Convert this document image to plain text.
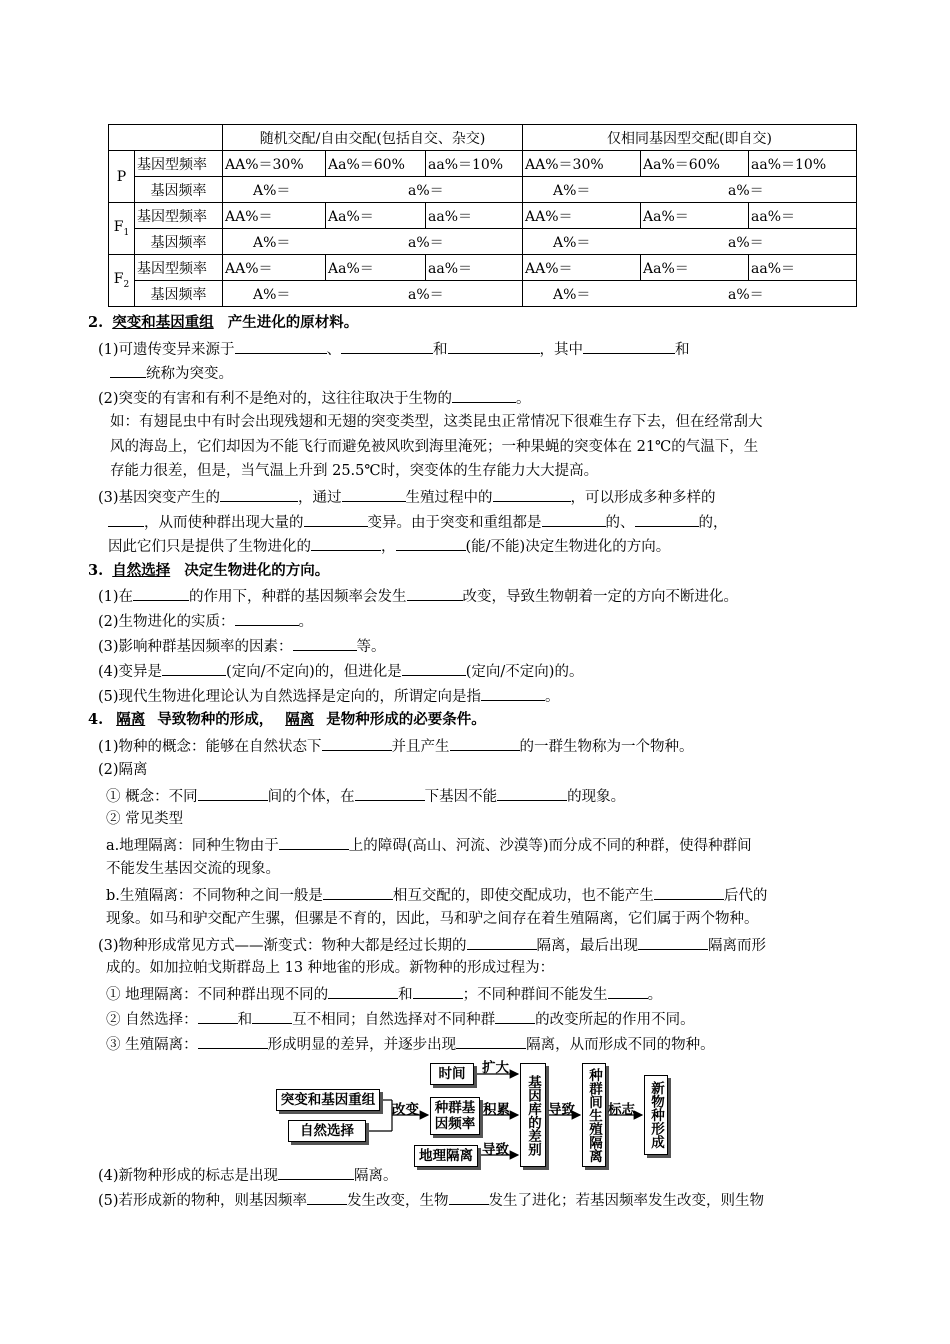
		随机交配/自由交配(包括自交、杂交)			仅相同基因型交配(即自交)		
P	基因型频率	AA%＝30%	Aa%＝60%	aa%＝10%	AA%＝30%	Aa%＝60%	aa%＝10%
	基因频率	A%＝ a%＝			A%＝ a%＝		

$F_1$	基因型频率	AA%＝	Aa%＝	aa%＝	AA%＝	Aa%＝	aa%＝
	基因频率	A%＝ a%＝			A%＝ a%＝		

$F_2$	基因型频率	AA%＝	Aa%＝	aa%＝	AA%＝	Aa%＝	aa%＝
	基因频率	A%＝ a%＝			A%＝ a%＝		
2. 突变和基因重组 产生进化的原材料。
(1)可遗传变异来源于	、	和	，其中	和
统称为突变。
(2)突变的有害和有利不是绝对的，这往往取决于生物的	。
如：有翅昆虫中有时会出现残翅和无翅的突变类型，这类昆虫正常情况下很难生存下去，但在经常刮大
风的海岛上，它们却因为不能飞行而避免被风吹到海里淹死；一种果蝇的突变体在 21℃的气温下，生
存能力很差，但是，当气温上升到 25.5℃时，突变体的生存能力大大提高。
(3)基因突变产生的	，通过	生殖过程中的	，可以形成多种多样的
，从而使种群出现大量的	变异。由于突变和重组都是	的、	的，
因此它们只是提供了生物进化的	，	(能/不能)决定生物进化的方向。
3. 自然选择 决定生物进化的方向。
(1)在	的作用下，种群的基因频率会发生	改变，导致生物朝着一定的方向不断进化。
(2)生物进化的实质：	。
(3)影响种群基因频率的因素：	等。
(4)变异是	(定向/不定向)的，但进化是	(定向/不定向)的。
(5)现代生物进化理论认为自然选择是定向的，所谓定向是指	。
4. 隔离 导致物种的形成， 隔离 是物种形成的必要条件。
(1)物种的概念：能够在自然状态下	并且产生	的一群生物称为一个物种。
(2)隔离
① 概念：不同	间的个体，在	下基因不能	的现象。
② 常见类型
a.地理隔离：同种生物由于	上的障碍(高山、河流、沙漠等)而分成不同的种群，使得种群间
不能发生基因交流的现象。
b.生殖隔离：不同物种之间一般是	相互交配的，即使交配成功，也不能产生	后代的
现象。如马和驴交配产生骡，但骡是不育的，因此，马和驴之间存在着生殖隔离，它们属于两个物种。
(3)物种形成常见方式——渐变式：物种大都是经过长期的	隔离，最后出现	隔离而形
成的。如加拉帕戈斯群岛上 13 种地雀的形成。新物种的形成过程为：
① 地理隔离：不同种群出现不同的	和	；不同种群间不能发生	。
② 自然选择：	和	互不相同；自然选择对不同种群	的改变所起的作用不同。
③ 生殖隔离：	形成明显的差异，并逐步出现	隔离，从而形成不同的物种。
突变和基因重组
自然选择
时间
种群基
因频率
地理隔离
基因库的差别	种群间生殖隔离	新物种形成
改变
扩大
积累
导致
导致 标志
(4)新物种形成的标志是出现	隔离。
(5)若形成新的物种，则基因频率	发生改变，生物	发生了进化；若基因频率发生改变，则生物
